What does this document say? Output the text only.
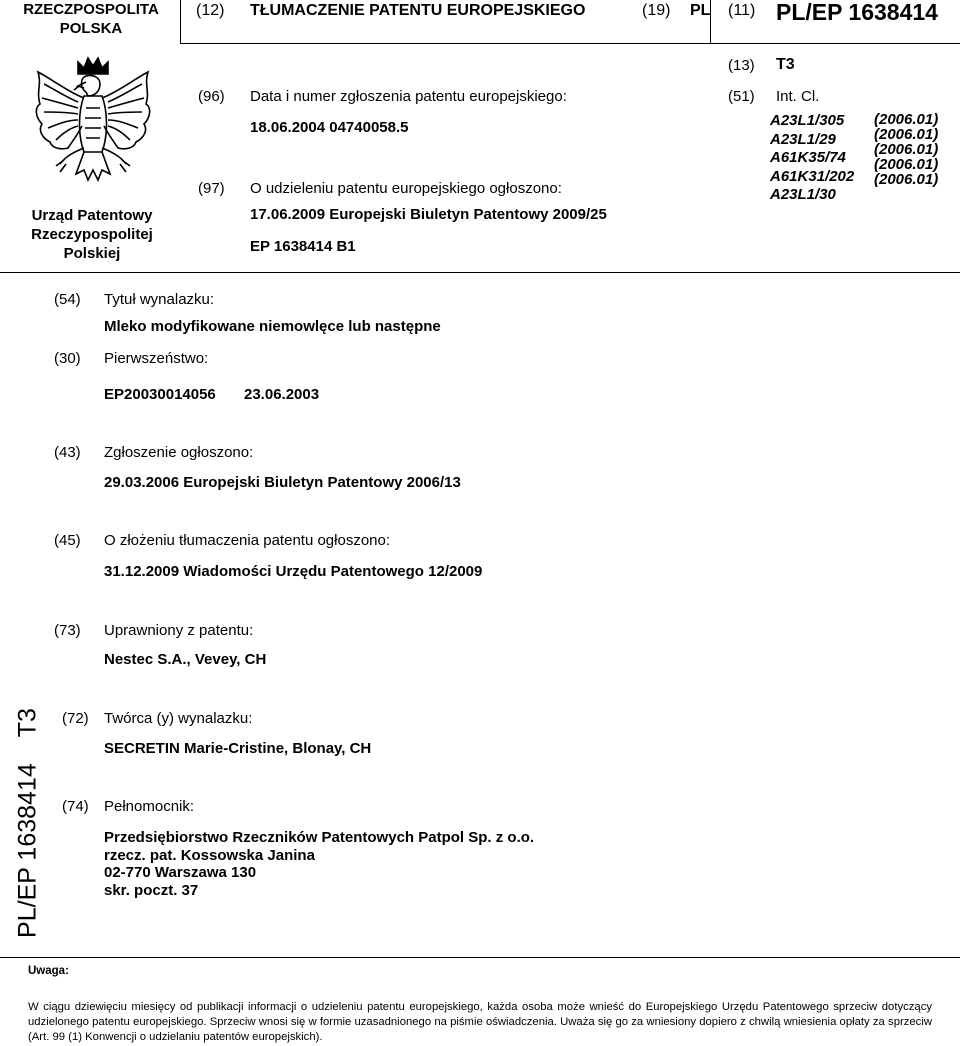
RZECZPOSPOLITA
POLSKA
(12) TŁUMACZENIE PATENTU EUROPEJSKIEGO	(19) PL (11) PL/EP 1638414
(13) T3
Urząd Patentowy
Rzeczypospolitej
Polskiej
(96) Data i numer zgłoszenia patentu europejskiego:
18.06.2004 04740058.5
(97) O udzieleniu patentu europejskiego ogłoszono:
17.06.2009 Europejski Biuletyn Patentowy 2009/25
EP 1638414 B1
(51) Int. Cl.
A23L1/305
A23L1/29
A61K35/74
A61K31/202
A23L1/30
(2006.01)
(2006.01)
(2006.01)
(2006.01)
(2006.01)
(54) Tytuł wynalazku:
Mleko modyfikowane niemowlęce lub następne
(30) Pierwszeństwo:
EP20030014056 23.06.2003
(43) Zgłoszenie ogłoszono:
29.03.2006 Europejski Biuletyn Patentowy 2006/13
(45) O złożeniu tłumaczenia patentu ogłoszono:
31.12.2009 Wiadomości Urzędu Patentowego 12/2009
(73) Uprawniony z patentu:
Nestec S.A., Vevey, CH
(72) Twórca (y) wynalazku:
SECRETIN Marie-Cristine, Blonay, CH
(74) Pełnomocnik:
Przedsiębiorstwo Rzeczników Patentowych Patpol Sp. z o.o.
rzecz. pat. Kossowska Janina
02-770 Warszawa 130
skr. poczt. 37
PL/EP 1638414T3
Uwaga:
W ciągu dziewięciu miesięcy od publikacji informacji o udzieleniu patentu europejskiego, każda osoba może wnieść do Europejskiego Urzędu Patentowego sprzeciw dotyczący udzielonego patentu europejskiego. Sprzeciw wnosi się w formie uzasadnionego na piśmie oświadczenia. Uważa się go za wniesiony dopiero z chwilą wniesienia opłaty za sprzeciw (Art. 99 (1) Konwencji o udzielaniu patentów europejskich).
